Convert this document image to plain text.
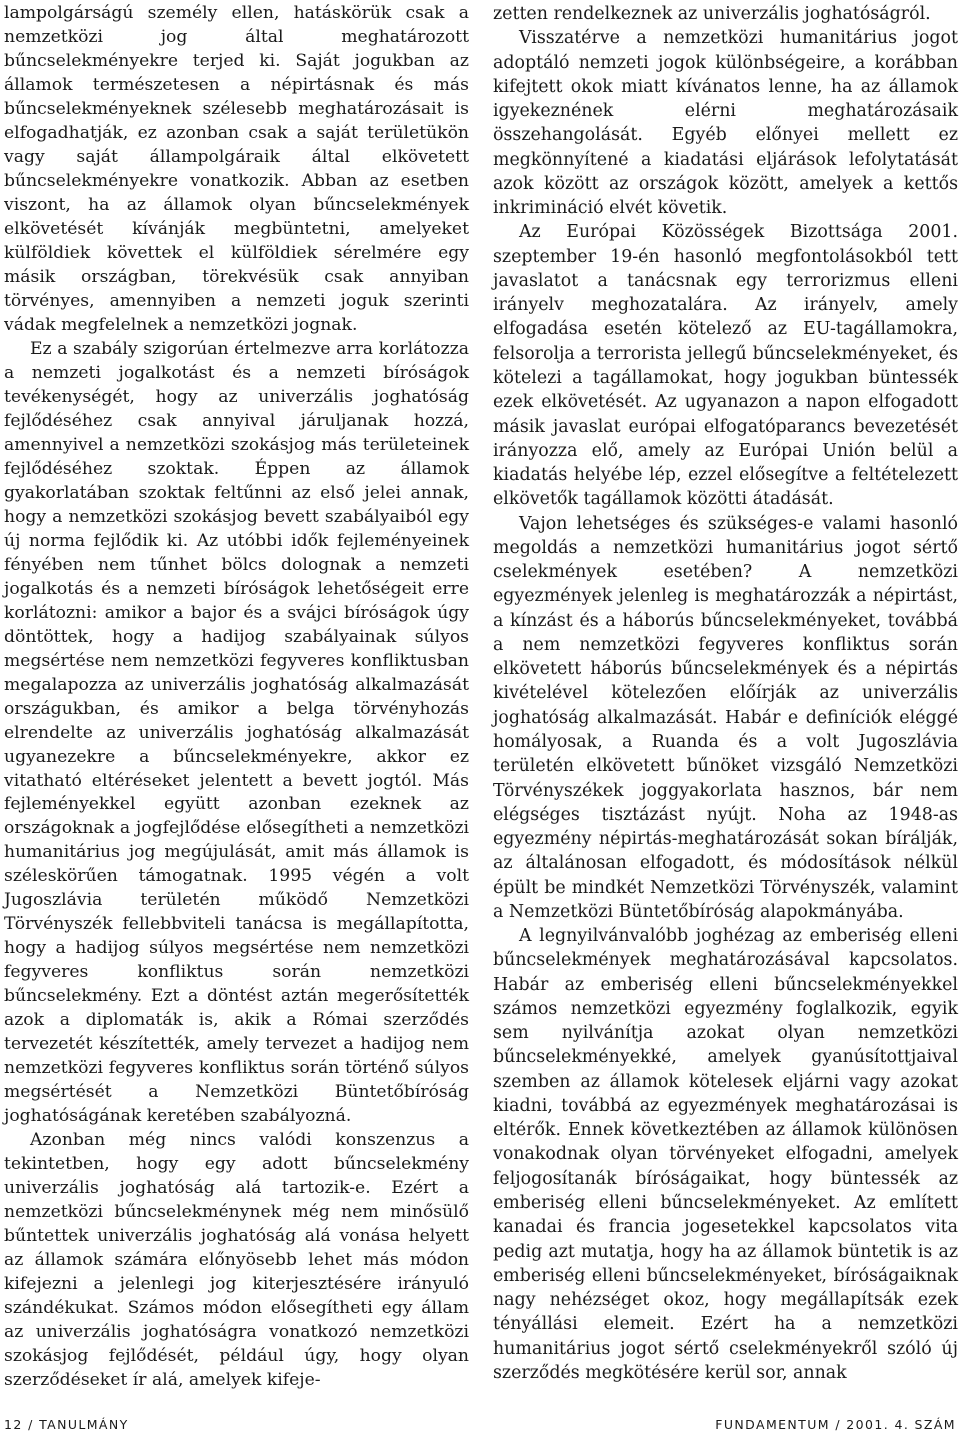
lampolgárságú személy ellen, hatáskörük csak a nemzetközi jog által meghatározott bűncselekményekre terjed ki. Saját jogukban az államok természetesen a népirtásnak és más bűncselekményeknek szélesebb meghatározásait is elfogadhatják, ez azonban csak a saját területükön vagy saját állampolgáraik által elkövetett bűncselekményekre vonatkozik. Abban az esetben viszont, ha az államok olyan bűncselekmények elkövetését kívánják megbüntetni, amelyeket külföldiek követtek el külföldiek sérelmére egy másik országban, törekvésük csak annyiban törvényes, amennyiben a nemzeti joguk szerinti vádak megfelelnek a nemzetközi jognak.

Ez a szabály szigorúan értelmezve arra korlátozza a nemzeti jogalkotást és a nemzeti bíróságok tevékenységét, hogy az univerzális joghatóság fejlődéséhez csak annyival járuljanak hozzá, amennyivel a nemzetközi szokásjog más területeinek fejlődéséhez szoktak. Éppen az államok gyakorlatában szoktak feltűnni az első jelei annak, hogy a nemzetközi szokásjog bevett szabályaiból egy új norma fejlődik ki. Az utóbbi idők fejleményeinek fényében nem tűnhet bölcs dolognak a nemzeti jogalkotás és a nemzeti bíróságok lehetőségeit erre korlátozni: amikor a bajor és a svájci bíróságok úgy döntöttek, hogy a hadijog szabályainak súlyos megsértése nem nemzetközi fegyveres konfliktusban megalapozza az univerzális joghatóság alkalmazását országukban, és amikor a belga törvényhozás elrendelte az univerzális joghatóság alkalmazását ugyanezekre a bűncselekményekre, akkor ez vitatható eltéréseket jelentett a bevett jogtól. Más fejleményekkel együtt azonban ezeknek az országoknak a jogfejlődése elősegítheti a nemzetközi humanitárius jog megújulását, amit más államok is széleskörűen támogatnak. 1995 végén a volt Jugoszlávia területén működő Nemzetközi Törvényszék fellebbviteli tanácsa is megállapította, hogy a hadijog súlyos megsértése nem nemzetközi fegyveres konfliktus során nemzetközi bűncselekmény. Ezt a döntést aztán megerősítették azok a diplomaták is, akik a Római szerződés tervezetét készítették, amely tervezet a hadijog nem nemzetközi fegyveres konfliktus során történő súlyos megsértését a Nemzetközi Büntetőbíróság joghatóságának keretében szabályozná.

Azonban még nincs valódi konszenzus a tekintetben, hogy egy adott bűncselekmény univerzális joghatóság alá tartozik-e. Ezért a nemzetközi bűncselekménynek még nem minősülő bűntettek univerzális joghatóság alá vonása helyett az államok számára előnyösebb lehet más módon kifejezni a jelenlegi jog kiterjesztésére irányuló szándékukat. Számos módon elősegítheti egy állam az univerzális joghatóságra vonatkozó nemzetközi szokásjog fejlődését, például úgy, hogy olyan szerződéseket ír alá, amelyek kifeje-

zetten rendelkeznek az univerzális joghatóságról.

Visszatérve a nemzetközi humanitárius jogot adoptáló nemzeti jogok különbségeire, a korábban kifejtett okok miatt kívánatos lenne, ha az államok igyekeznének elérni meghatározásaik összehangolását. Egyéb előnyei mellett ez megkönnyítené a kiadatási eljárások lefolytatását azok között az országok között, amelyek a kettős inkrimináció elvét követik.

Az Európai Közösségek Bizottsága 2001. szeptember 19-én hasonló megfontolásokból tett javaslatot a tanácsnak egy terrorizmus elleni irányelv meghozatalára. Az irányelv, amely elfogadása esetén kötelező az EU-tagállamokra, felsorolja a terrorista jellegű bűncselekményeket, és kötelezi a tagállamokat, hogy jogukban büntessék ezek elkövetését. Az ugyanazon a napon elfogadott másik javaslat európai elfogatóparancs bevezetését irányozza elő, amely az Európai Unión belül a kiadatás helyébe lép, ezzel elősegítve a feltételezett elkövetők tagállamok közötti átadását.

Vajon lehetséges és szükséges-e valami hasonló megoldás a nemzetközi humanitárius jogot sértő cselekmények esetében? A nemzetközi egyezmények jelenleg is meghatározzák a népirtást, a kínzást és a háborús bűncselekményeket, továbbá a nem nemzetközi fegyveres konfliktus során elkövetett háborús bűncselekmények és a népirtás kivételével kötelezően előírják az univerzális joghatóság alkalmazását. Habár e definíciók eléggé homályosak, a Ruanda és a volt Jugoszlávia területén elkövetett bűnöket vizsgáló Nemzetközi Törvényszékek joggyakorlata hasznos, bár nem elégséges tisztázást nyújt. Noha az 1948-as egyezmény népirtás-meghatározását sokan bírálják, az általánosan elfogadott, és módosítások nélkül épült be mindkét Nemzetközi Törvényszék, valamint a Nemzetközi Büntetőbíróság alapokmányába.

A legnyilvánvalóbb joghézag az emberiség elleni bűncselekmények meghatározásával kapcsolatos. Habár az emberiség elleni bűncselekményekkel számos nemzetközi egyezmény foglalkozik, egyik sem nyilvánítja azokat olyan nemzetközi bűncselekményekké, amelyek gyanúsítottjaival szemben az államok kötelesek eljárni vagy azokat kiadni, továbbá az egyezmények meghatározásai is eltérők. Ennek következtében az államok különösen vonakodnak olyan törvényeket elfogadni, amelyek feljogosítanák bíróságaikat, hogy büntessék az emberiség elleni bűncselekményeket. Az említett kanadai és francia jogesetekkel kapcsolatos vita pedig azt mutatja, hogy ha az államok büntetik is az emberiség elleni bűncselekményeket, bíróságaiknak nagy nehézséget okoz, hogy megállapítsák ezek tényállási elemeit. Ezért ha a nemzetközi humanitárius jogot sértő cselekményekről szóló új szerződés megkötésére kerül sor, annak

12 / TANULMÁNY	FUNDAMENTUM / 2001. 4. SZÁM
